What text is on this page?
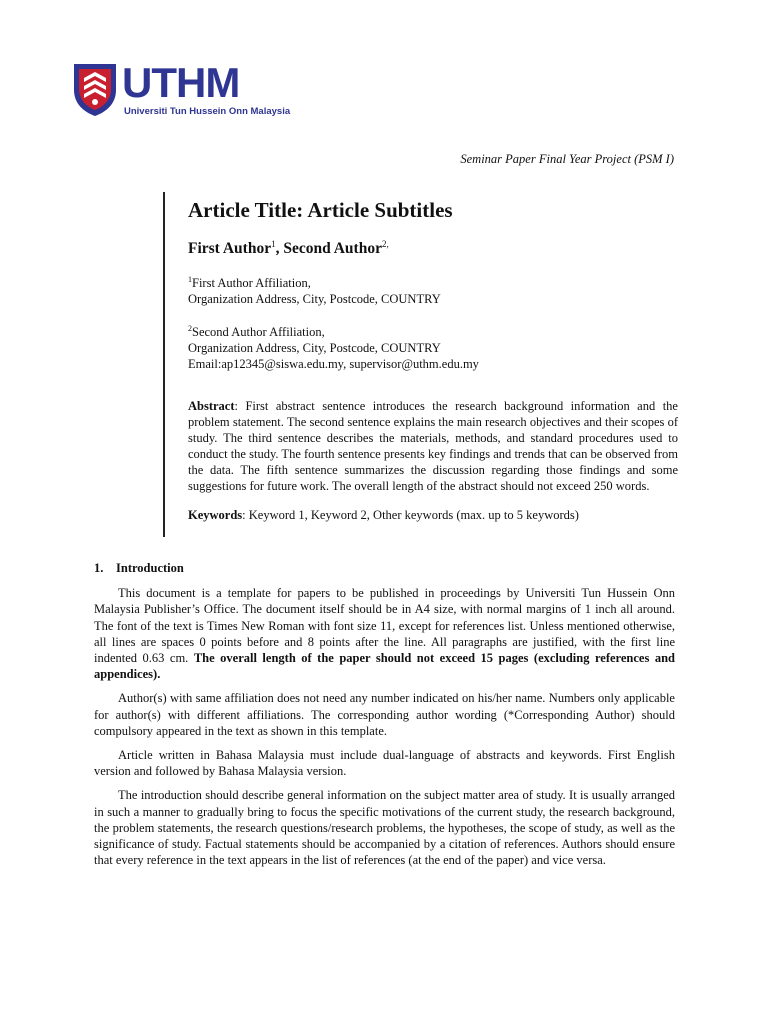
UTHM
Universiti Tun Hussein Onn Malaysia
Seminar Paper Final Year Project (PSM I)
Article Title: Article Subtitles
First Author$^1$, Second Author$^{2,}$
$^1$First Author Affiliation,
Organization Address, City, Postcode, COUNTRY
$^2$Second Author Affiliation,
Organization Address, City, Postcode, COUNTRY
Email:ap12345@siswa.edu.my, supervisor@uthm.edu.my
Abstract: First abstract sentence introduces the research background information and the problem statement. The second sentence explains the main research objectives and their scopes of study. The third sentence describes the materials, methods, and standard procedures used to conduct the study. The fourth sentence presents key findings and trends that can be observed from the data. The fifth sentence summarizes the discussion regarding those findings and some suggestions for future work. The overall length of the abstract should not exceed 250 words.
Keywords: Keyword 1, Keyword 2, Other keywords (max. up to 5 keywords)
1. Introduction

This document is a template for papers to be published in proceedings by Universiti Tun Hussein Onn Malaysia Publisher’s Office. The document itself should be in A4 size, with normal margins of 1 inch all around. The font of the text is Times New Roman with font size 11, except for references list. Unless mentioned otherwise, all lines are spaces 0 points before and 8 points after the line. All paragraphs are justified, with the first line indented 0.63 cm. The overall length of the paper should not exceed 15 pages (excluding references and appendices).

Author(s) with same affiliation does not need any number indicated on his/her name. Numbers only applicable for author(s) with different affiliations. The corresponding author wording (*Corresponding Author) should compulsory appeared in the text as shown in this template.

Article written in Bahasa Malaysia must include dual-language of abstracts and keywords. First English version and followed by Bahasa Malaysia version.

The introduction should describe general information on the subject matter area of study. It is usually arranged in such a manner to gradually bring to focus the specific motivations of the current study, the research background, the problem statements, the research questions/research problems, the hypotheses, the scope of study, as well as the significance of study. Factual statements should be accompanied by a citation of references. Authors should ensure that every reference in the text appears in the list of references (at the end of the paper) and vice versa.
